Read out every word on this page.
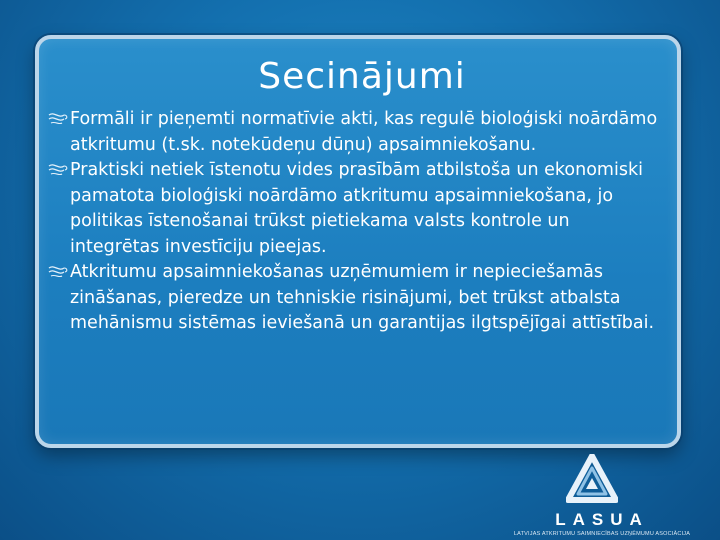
Secinājumi
Formāli ir pieņemti normatīvie akti, kas regulē bioloģiski noārdāmo atkritumu (t.sk. notekūdeņu dūņu) apsaimniekošanu.
Praktiski netiek īstenotu vides prasībām atbilstoša un ekonomiski pamatota bioloģiski noārdāmo atkritumu apsaimniekošana, jo politikas īstenošanai trūkst pietiekama valsts kontrole un integrētas investīciju pieejas.
Atkritumu apsaimniekošanas uzņēmumiem ir nepieciešamās zināšanas, pieredze un tehniskie risinājumi, bet trūkst atbalsta mehānismu sistēmas ieviešanā un garantijas ilgtspējīgai attīstībai.
LASUA
LATVIJAS ATKRITUMU SAIMNIECĪBAS UZŅĒMUMU ASOCIĀCIJA
